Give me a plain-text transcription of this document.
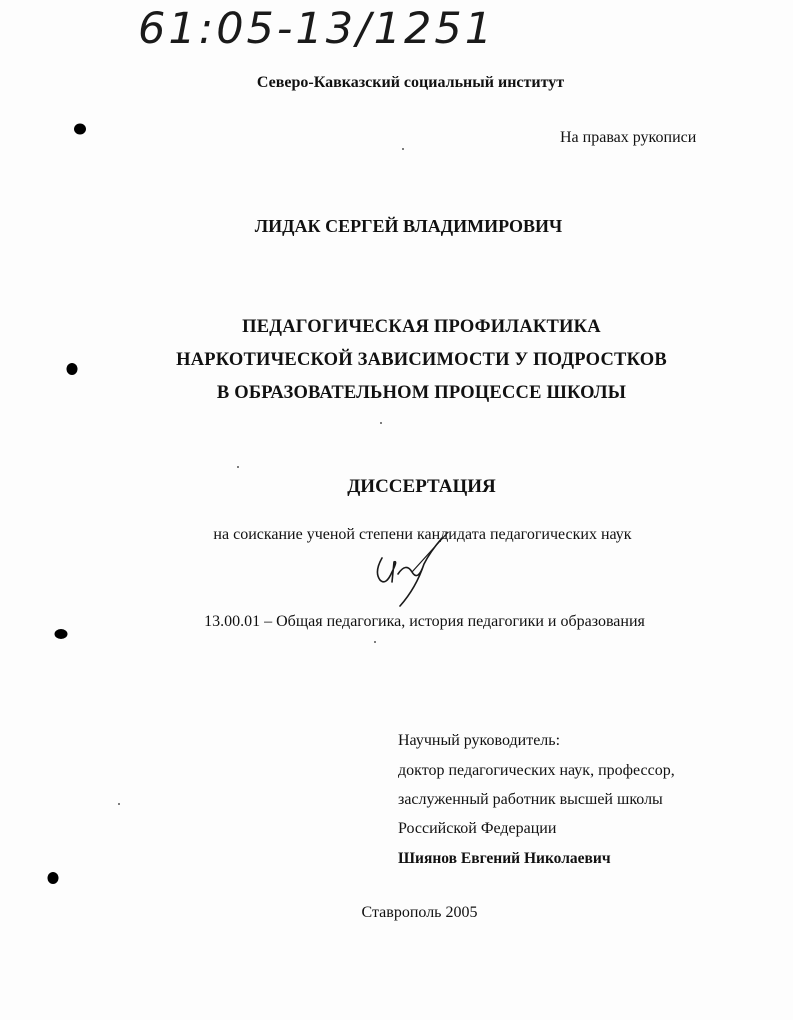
61:05-13/1251
Северо-Кавказский социальный институт
На правах рукописи
ЛИДАК СЕРГЕЙ ВЛАДИМИРОВИЧ
ПЕДАГОГИЧЕСКАЯ ПРОФИЛАКТИКА
НАРКОТИЧЕСКОЙ ЗАВИСИМОСТИ У ПОДРОСТКОВ
В ОБРАЗОВАТЕЛЬНОМ ПРОЦЕССЕ ШКОЛЫ
ДИССЕРТАЦИЯ
на соискание ученой степени кандидата педагогических наук
13.00.01 – Общая педагогика, история педагогики и образования
Научный руководитель:
доктор педагогических наук, профессор,
заслуженный работник высшей школы
Российской Федерации
Шиянов Евгений Николаевич
Ставрополь 2005
